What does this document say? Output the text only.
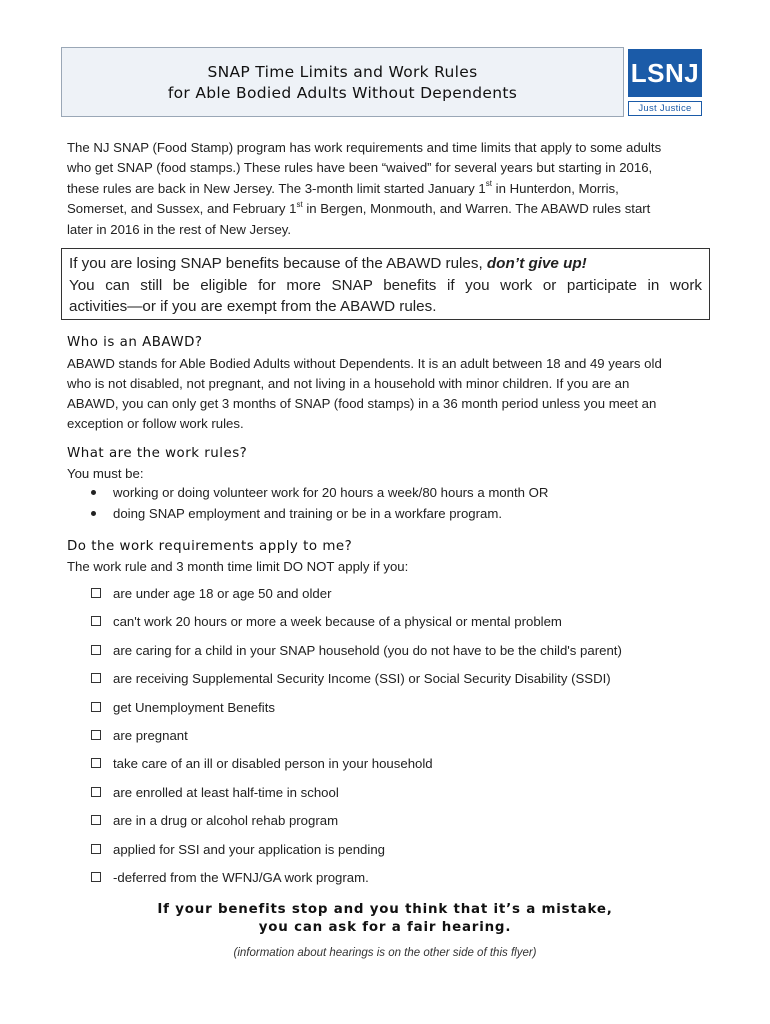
SNAP Time Limits and Work Rules
for Able Bodied Adults Without Dependents
LSNJ
Just Justice
The NJ SNAP (Food Stamp) program has work requirements and time limits that apply to some adults
who get SNAP (food stamps.) These rules have been “waived” for several years but starting in 2016,
these rules are back in New Jersey. The 3-month limit started January 1st in Hunterdon, Morris,
Somerset, and Sussex, and February 1st in Bergen, Monmouth, and Warren. The ABAWD rules start
later in 2016 in the rest of New Jersey.
If you are losing SNAP benefits because of the ABAWD rules, don’t give up!
You can still be eligible for more SNAP benefits if you work or participate in work
activities—or if you are exempt from the ABAWD rules.
Who is an ABAWD?
ABAWD stands for Able Bodied Adults without Dependents. It is an adult between 18 and 49 years old
who is not disabled, not pregnant, and not living in a household with minor children. If you are an
ABAWD, you can only get 3 months of SNAP (food stamps) in a 36 month period unless you meet an
exception or follow work rules.
What are the work rules?
You must be:
working or doing volunteer work for 20 hours a week/80 hours a month OR
doing SNAP employment and training or be in a workfare program.
Do the work requirements apply to me?
The work rule and 3 month time limit DO NOT apply if you:
are under age 18 or age 50 and older
can't work 20 hours or more a week because of a physical or mental problem
are caring for a child in your SNAP household (you do not have to be the child's parent)
are receiving Supplemental Security Income (SSI) or Social Security Disability (SSDI)
get Unemployment Benefits
are pregnant
take care of an ill or disabled person in your household
are enrolled at least half-time in school
are in a drug or alcohol rehab program
applied for SSI and your application is pending
-deferred from the WFNJ/GA work program.
If your benefits stop and you think that it’s a mistake,
you can ask for a fair hearing.
(information about hearings is on the other side of this flyer)
